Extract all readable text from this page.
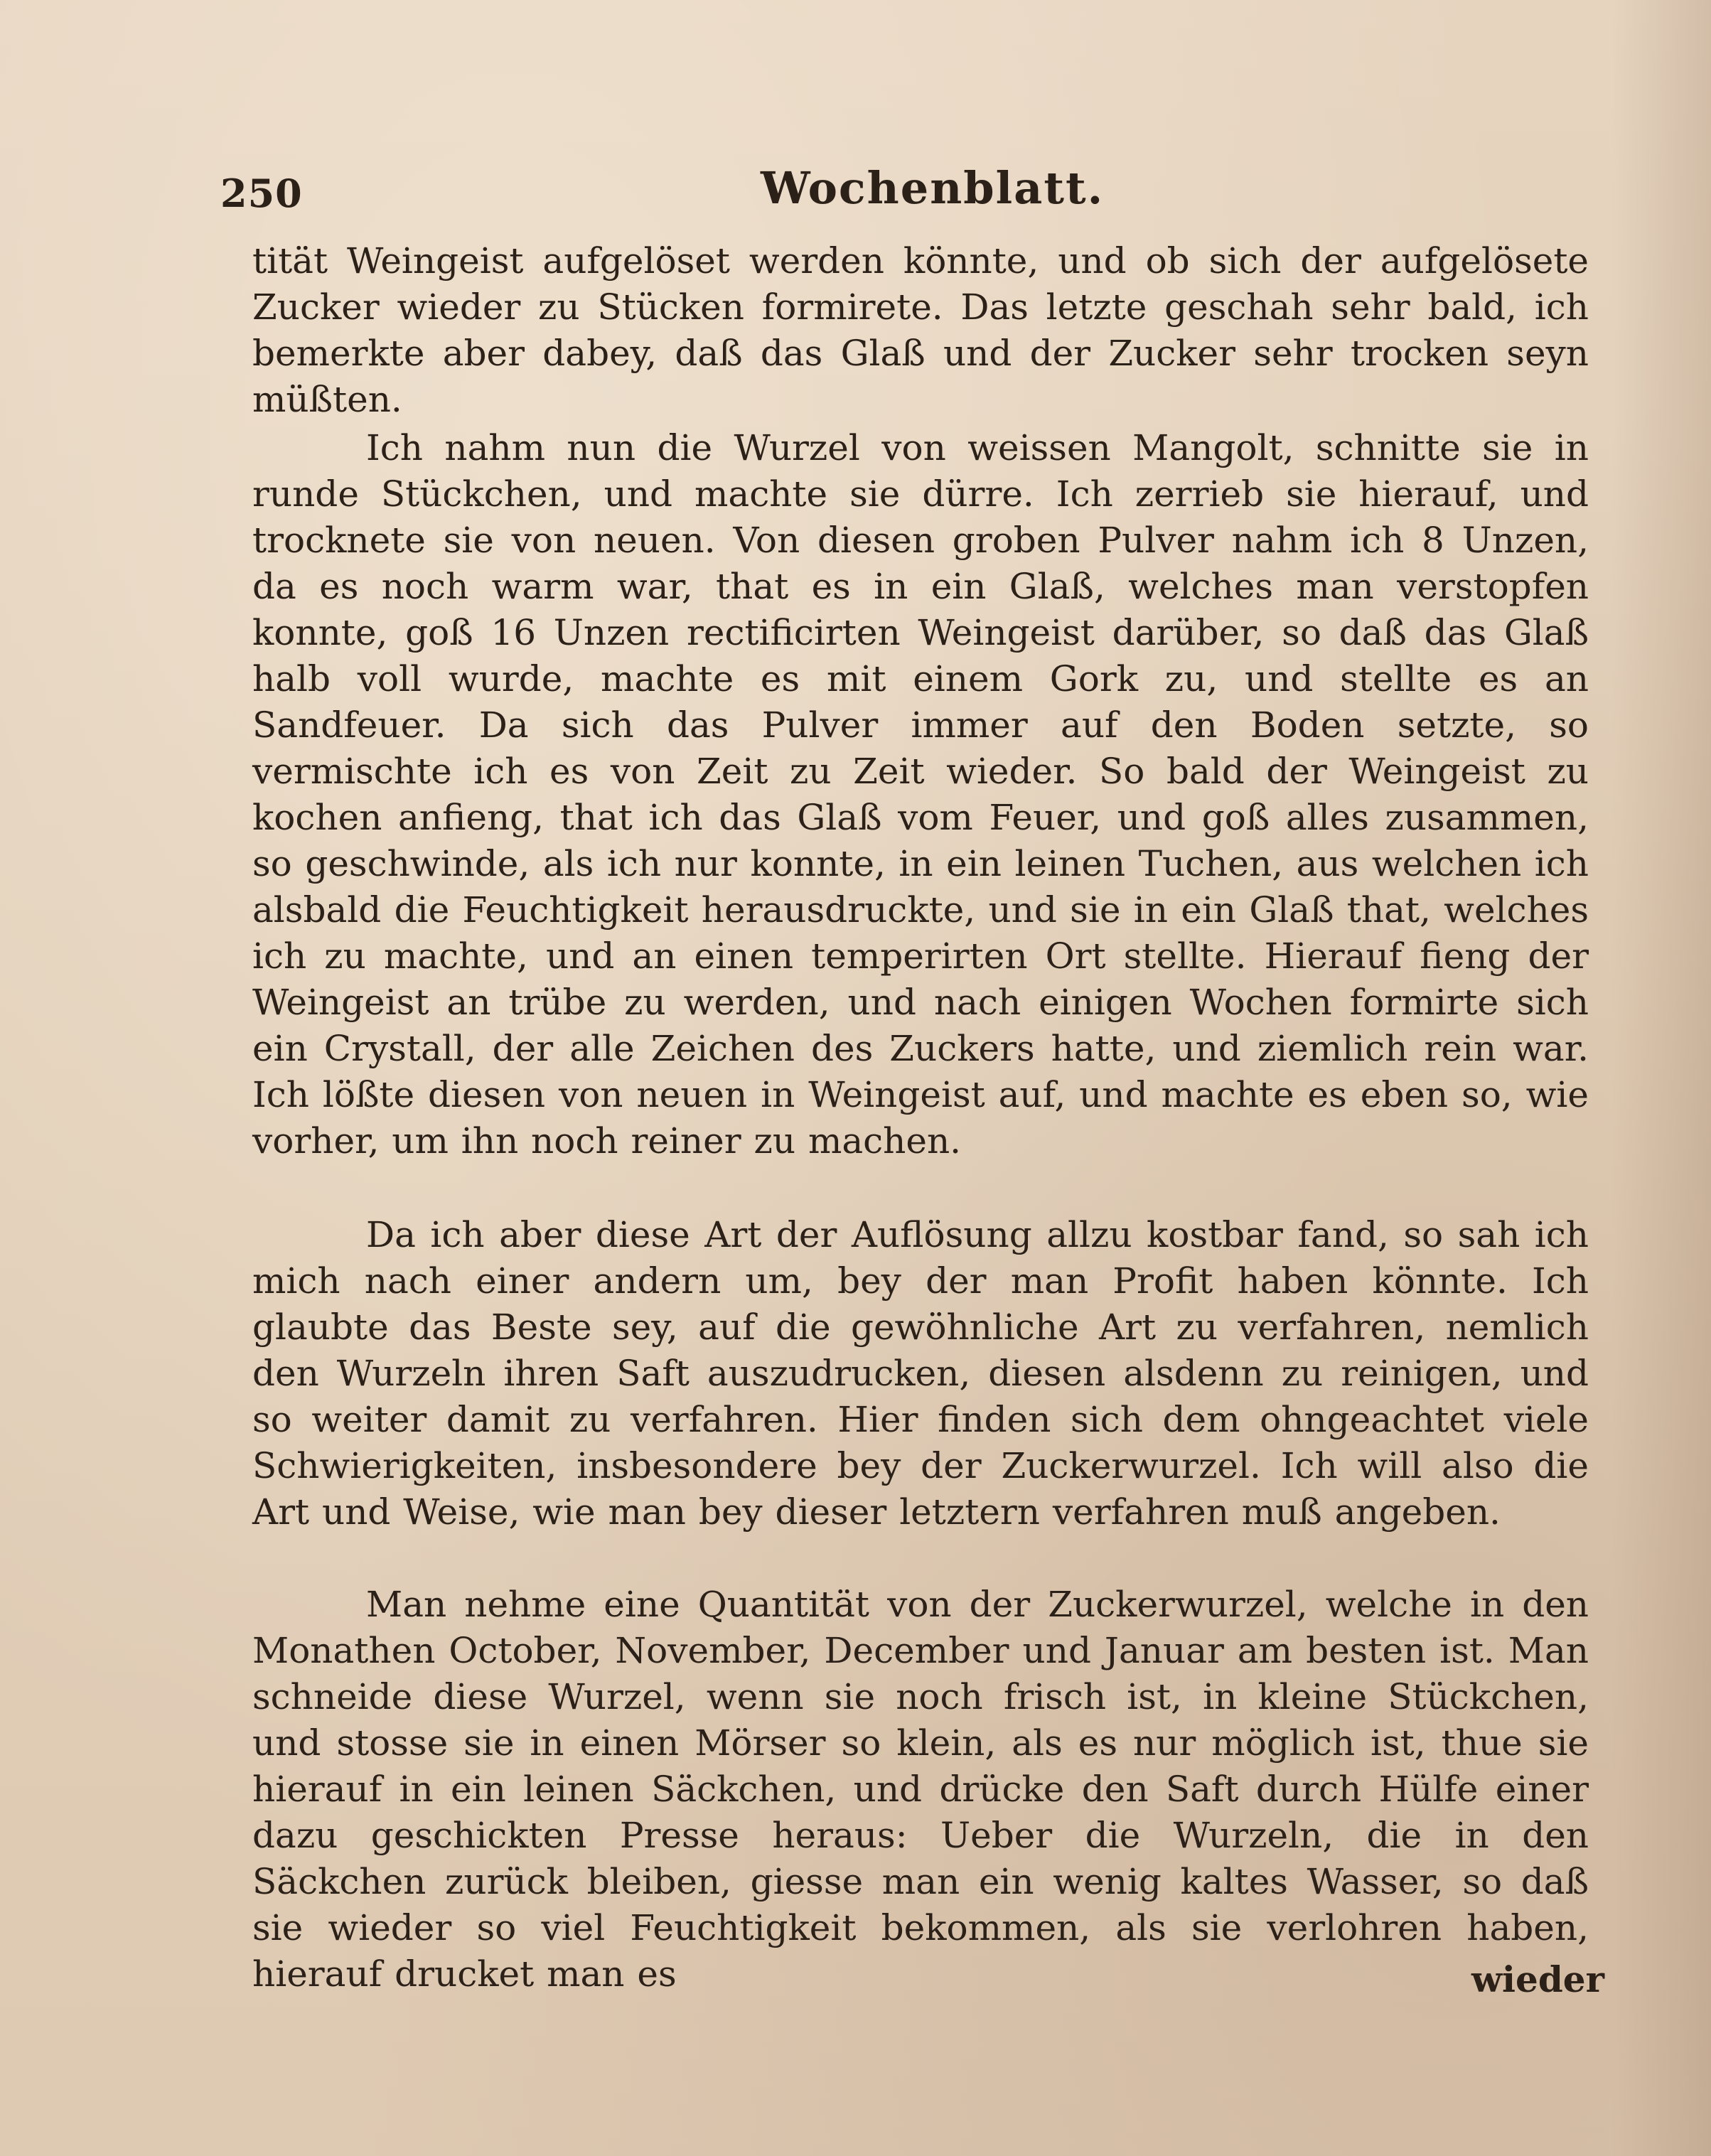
250	Wochenblatt.

tität Weingeist aufgelöset werden könnte, und ob sich der aufgelösete Zucker wieder zu Stücken formirete. Das letzte geschah sehr bald, ich bemerkte aber dabey, daß das Glaß und der Zucker sehr trocken seyn müßten.

Ich nahm nun die Wurzel von weissen Mangolt, schnitte sie in runde Stückchen, und machte sie dürre. Ich zerrieb sie hierauf, und trocknete sie von neuen. Von diesen groben Pulver nahm ich 8 Unzen, da es noch warm war, that es in ein Glaß, welches man verstopfen konnte, goß 16 Unzen rectificirten Weingeist darüber, so daß das Glaß halb voll wurde, machte es mit einem Gork zu, und stellte es an Sandfeuer. Da sich das Pulver immer auf den Boden setzte, so vermischte ich es von Zeit zu Zeit wieder. So bald der Weingeist zu kochen anfieng, that ich das Glaß vom Feuer, und goß alles zusammen, so geschwinde, als ich nur konnte, in ein leinen Tuchen, aus welchen ich alsbald die Feuchtigkeit herausdruckte, und sie in ein Glaß that, welches ich zu machte, und an einen temperirten Ort stellte. Hierauf fieng der Weingeist an trübe zu werden, und nach einigen Wochen formirte sich ein Crystall, der alle Zeichen des Zuckers hatte, und ziemlich rein war. Ich lößte diesen von neuen in Weingeist auf, und machte es eben so, wie vorher, um ihn noch reiner zu machen.

Da ich aber diese Art der Auflösung allzu kostbar fand, so sah ich mich nach einer andern um, bey der man Profit haben könnte. Ich glaubte das Beste sey, auf die gewöhnliche Art zu verfahren, nemlich den Wurzeln ihren Saft auszudrucken, diesen alsdenn zu reinigen, und so weiter damit zu verfahren. Hier finden sich dem ohngeachtet viele Schwierigkeiten, insbesondere bey der Zuckerwurzel. Ich will also die Art und Weise, wie man bey dieser letztern verfahren muß angeben.

Man nehme eine Quantität von der Zuckerwurzel, welche in den Monathen October, November, December und Januar am besten ist. Man schneide diese Wurzel, wenn sie noch frisch ist, in kleine Stückchen, und stosse sie in einen Mörser so klein, als es nur möglich ist, thue sie hierauf in ein leinen Säckchen, und drücke den Saft durch Hülfe einer dazu geschickten Presse heraus: Ueber die Wurzeln, die in den Säckchen zurück bleiben, giesse man ein wenig kaltes Wasser, so daß sie wieder so viel Feuchtigkeit bekommen, als sie verlohren haben, hierauf drucket man es	wieder
